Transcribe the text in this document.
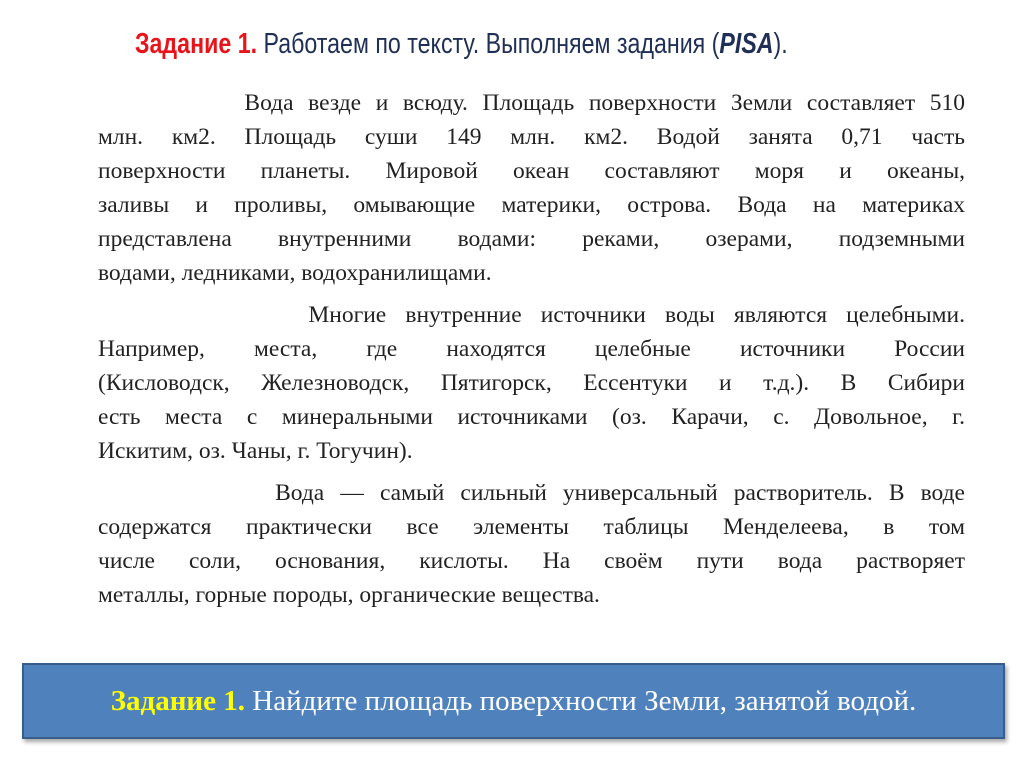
Задание 1. Работаем по тексту. Выполняем задания (PISA).
Вода везде и всюду. Площадь поверхности Земли составляет 510
млн. км2. Площадь суши 149 млн. км2. Водой занята 0,71 часть
поверхности планеты. Мировой океан составляют моря и океаны,
заливы и проливы, омывающие материки, острова. Вода на материках
представлена внутренними водами: реками, озерами, подземными
водами, ледниками, водохранилищами.
Многие внутренние источники воды являются целебными.
Например, места, где находятся целебные источники России
(Кисловодск, Железноводск, Пятигорск, Ессентуки и т.д.). В Сибири
есть места с минеральными источниками (оз. Карачи, с. Довольное, г.
Искитим, оз. Чаны, г. Тогучин).
Вода — самый сильный универсальный растворитель. В воде
содержатся практически все элементы таблицы Менделеева, в том
числе соли, основания, кислоты. На своём пути вода растворяет
металлы, горные породы, органические вещества.
Задание 1. Найдите площадь поверхности Земли, занятой водой.
